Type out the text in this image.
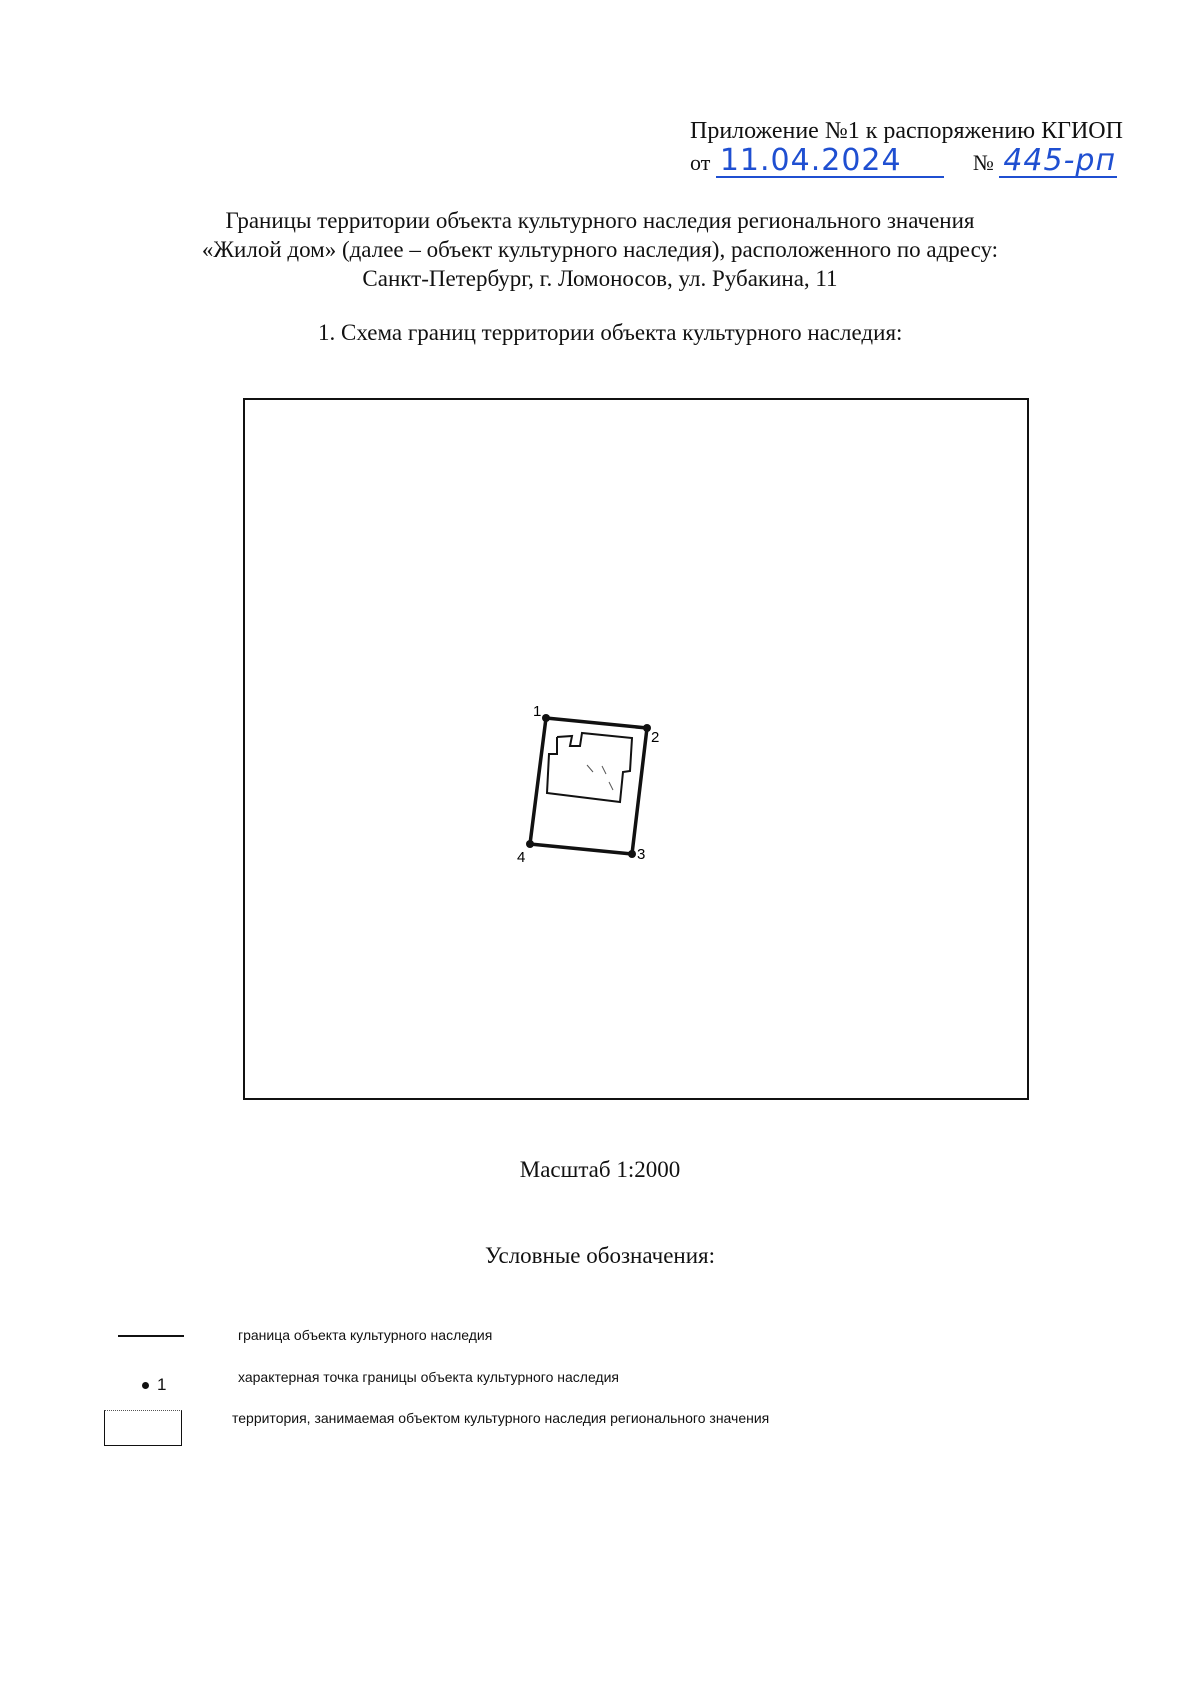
Приложение №1 к распоряжению КГИОП
от 11.04.2024	№ 445-рп
Границы территории объекта культурного наследия регионального значения
«Жилой дом» (далее – объект культурного наследия), расположенного по адресу:
Санкт-Петербург, г. Ломоносов, ул. Рубакина, 11
1. Схема границ территории объекта культурного наследия:
1
2
3
4
Масштаб 1:2000
Условные обозначения:
граница объекта культурного наследия
1	характерная точка границы объекта культурного наследия
территория, занимаемая объектом культурного наследия регионального значения
